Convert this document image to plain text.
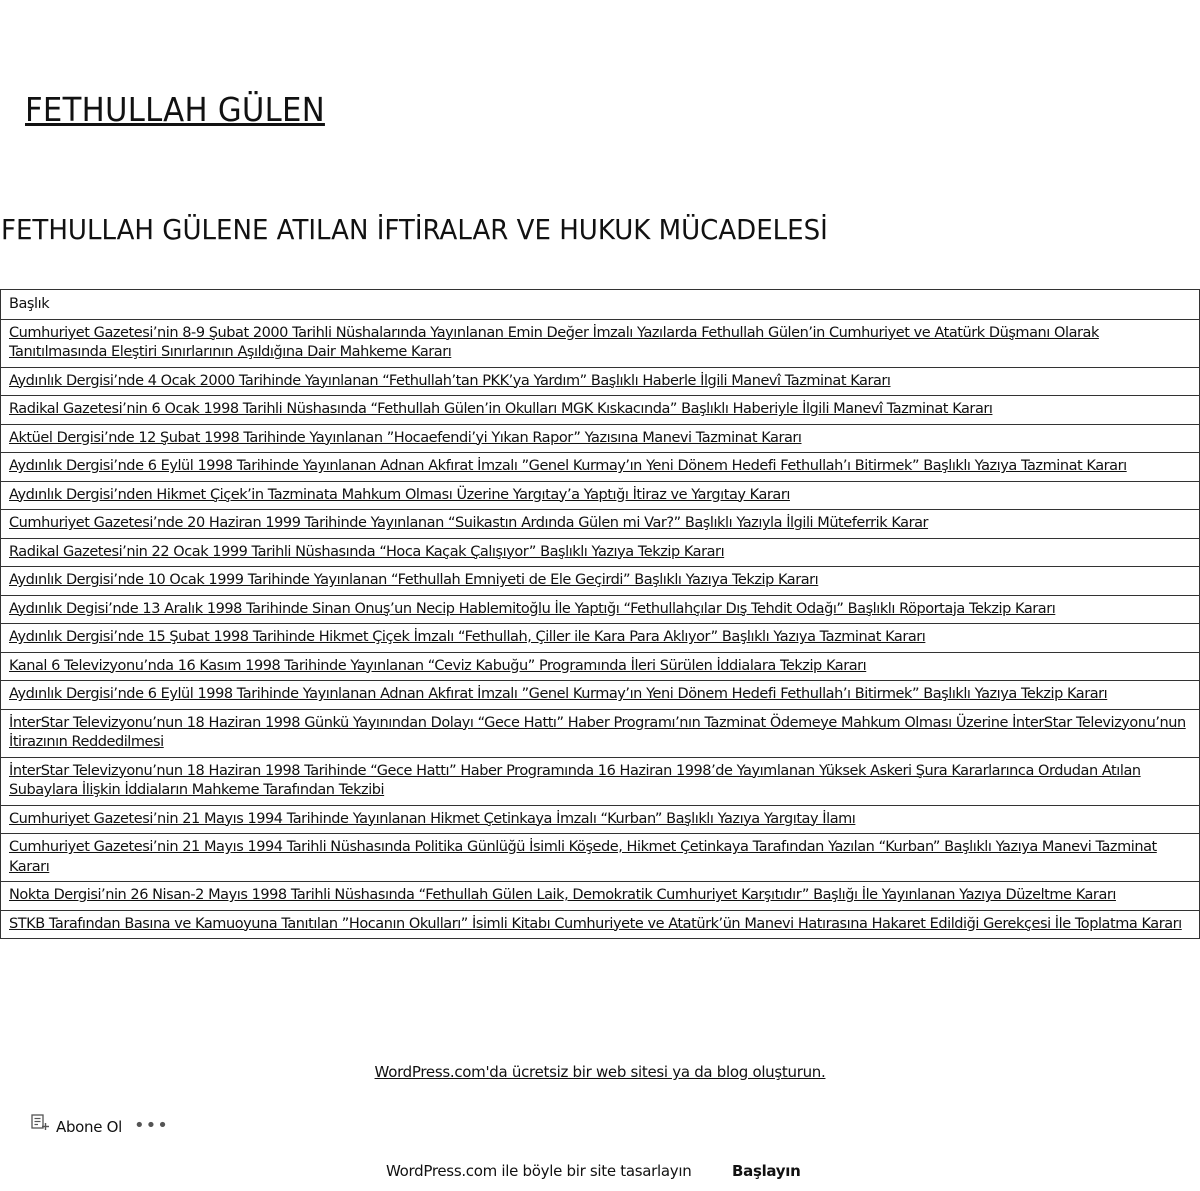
FETHULLAH GÜLEN
FETHULLAH GÜLENE ATILAN İFTİRALAR VE HUKUK MÜCADELESİ
Başlık
Cumhuriyet Gazetesi’nin 8-9 Şubat 2000 Tarihli Nüshalarında Yayınlanan Emin Değer İmzalı Yazılarda Fethullah Gülen’in Cumhuriyet ve Atatürk Düşmanı Olarak Tanıtılmasında Eleştiri Sınırlarının Aşıldığına Dair Mahkeme Kararı
Aydınlık Dergisi’nde 4 Ocak 2000 Tarihinde Yayınlanan “Fethullah’tan PKK’ya Yardım” Başlıklı Haberle İlgili Manevî Tazminat Kararı
Radikal Gazetesi’nin 6 Ocak 1998 Tarihli Nüshasında “Fethullah Gülen’in Okulları MGK Kıskacında” Başlıklı Haberiyle İlgili Manevî Tazminat Kararı
Aktüel Dergisi’nde 12 Şubat 1998 Tarihinde Yayınlanan ”Hocaefendi’yi Yıkan Rapor” Yazısına Manevi Tazminat Kararı
Aydınlık Dergisi’nde 6 Eylül 1998 Tarihinde Yayınlanan Adnan Akfırat İmzalı ”Genel Kurmay’ın Yeni Dönem Hedefi Fethullah’ı Bitirmek” Başlıklı Yazıya Tazminat Kararı
Aydınlık Dergisi’nden Hikmet Çiçek’in Tazminata Mahkum Olması Üzerine Yargıtay’a Yaptığı İtiraz ve Yargıtay Kararı
Cumhuriyet Gazetesi’nde 20 Haziran 1999 Tarihinde Yayınlanan “Suikastın Ardında Gülen mi Var?” Başlıklı Yazıyla İlgili Müteferrik Karar
Radikal Gazetesi’nin 22 Ocak 1999 Tarihli Nüshasında “Hoca Kaçak Çalışıyor” Başlıklı Yazıya Tekzip Kararı
Aydınlık Dergisi’nde 10 Ocak 1999 Tarihinde Yayınlanan “Fethullah Emniyeti de Ele Geçirdi” Başlıklı Yazıya Tekzip Kararı
Aydınlık Degisi’nde 13 Aralık 1998 Tarihinde Sinan Onuş’un Necip Hablemitoğlu İle Yaptığı “Fethullahçılar Dış Tehdit Odağı” Başlıklı Röportaja Tekzip Kararı
Aydınlık Dergisi’nde 15 Şubat 1998 Tarihinde Hikmet Çiçek İmzalı “Fethullah, Çiller ile Kara Para Aklıyor” Başlıklı Yazıya Tazminat Kararı
Kanal 6 Televizyonu’nda 16 Kasım 1998 Tarihinde Yayınlanan “Ceviz Kabuğu” Programında İleri Sürülen İddialara Tekzip Kararı
Aydınlık Dergisi’nde 6 Eylül 1998 Tarihinde Yayınlanan Adnan Akfırat İmzalı ”Genel Kurmay’ın Yeni Dönem Hedefi Fethullah’ı Bitirmek” Başlıklı Yazıya Tekzip Kararı
İnterStar Televizyonu’nun 18 Haziran 1998 Günkü Yayınından Dolayı “Gece Hattı” Haber Programı’nın Tazminat Ödemeye Mahkum Olması Üzerine İnterStar Televizyonu’nun İtirazının Reddedilmesi
İnterStar Televizyonu’nun 18 Haziran 1998 Tarihinde “Gece Hattı” Haber Programında 16 Haziran 1998’de Yayımlanan Yüksek Askeri Şura Kararlarınca Ordudan Atılan Subaylara İlişkin İddiaların Mahkeme Tarafından Tekzibi
Cumhuriyet Gazetesi’nin 21 Mayıs 1994 Tarihinde Yayınlanan Hikmet Çetinkaya İmzalı “Kurban” Başlıklı Yazıya Yargıtay İlamı
Cumhuriyet Gazetesi’nin 21 Mayıs 1994 Tarihli Nüshasında Politika Günlüğü İsimli Köşede, Hikmet Çetinkaya Tarafından Yazılan “Kurban” Başlıklı Yazıya Manevi Tazminat Kararı
Nokta Dergisi’nin 26 Nisan-2 Mayıs 1998 Tarihli Nüshasında “Fethullah Gülen Laik, Demokratik Cumhuriyet Karşıtıdır” Başlığı İle Yayınlanan Yazıya Düzeltme Kararı
STKB Tarafından Basına ve Kamuoyuna Tanıtılan ”Hocanın Okulları” İsimli Kitabı Cumhuriyete ve Atatürk’ün Manevi Hatırasına Hakaret Edildiği Gerekçesi İle Toplatma Kararı
WordPress.com'da ücretsiz bir web sitesi ya da blog oluşturun.
Abone Ol •••
WordPress.com ile böyle bir site tasarlayın	Başlayın
